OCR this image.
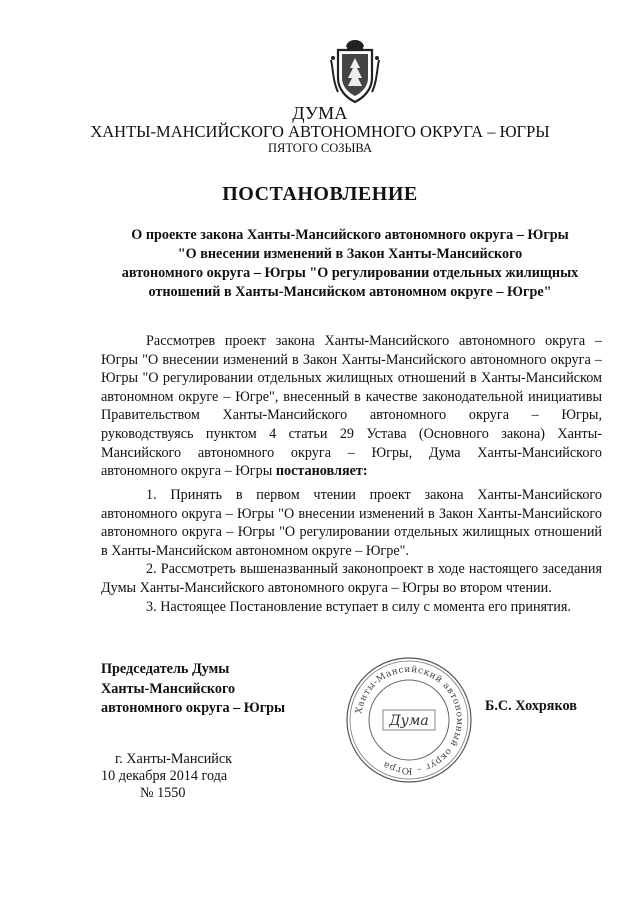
ДУМА
ХАНТЫ-МАНСИЙСКОГО АВТОНОМНОГО ОКРУГА – ЮГРЫ
ПЯТОГО СОЗЫВА
ПОСТАНОВЛЕНИЕ
О проекте закона Ханты-Мансийского автономного округа – Югры
"О внесении изменений в Закон Ханты-Мансийского
автономного округа – Югры "О регулировании отдельных жилищных
отношений в Ханты-Мансийском автономном округе – Югре"
Рассмотрев проект закона Ханты-Мансийского автономного округа – Югры "О внесении изменений в Закон Ханты-Мансийского автономного округа – Югры "О регулировании отдельных жилищных отношений в Ханты-Мансийском автономном округе – Югре", внесенный в качестве законодательной инициативы Правительством Ханты-Мансийского автономного округа – Югры, руководствуясь пунктом 4 статьи 29 Устава (Основного закона) Ханты-Мансийского автономного округа – Югры, Дума Ханты-Мансийского автономного округа – Югры постановляет:

1. Принять в первом чтении проект закона Ханты-Мансийского автономного округа – Югры "О внесении изменений в Закон Ханты-Мансийского автономного округа – Югры "О регулировании отдельных жилищных отношений в Ханты-Мансийском автономном округе – Югре".

2. Рассмотреть вышеназванный законопроект в ходе настоящего заседания Думы Ханты-Мансийского автономного округа – Югры во втором чтении.

3. Настоящее Постановление вступает в силу с момента его принятия.

Председатель Думы
Ханты-Мансийского
автономного округа – Югры	Ханты-Мансийский автономный округ – Югра
Дума
Б.С. Хохряков
г. Ханты-Мансийск
10 декабря 2014 года
№ 1550
